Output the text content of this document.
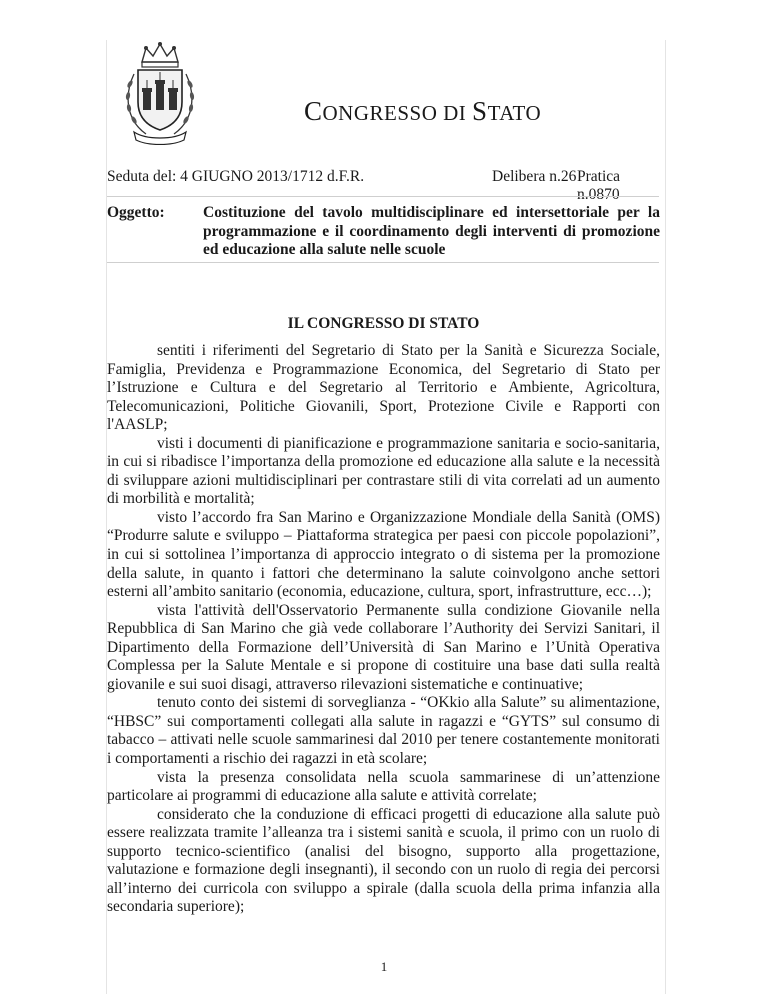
CONGRESSO DI STATO
Seduta del: 4 GIUGNO 2013/1712 d.F.R.	Delibera n.26 Pratica n.0870
Oggetto: Costituzione del tavolo multidisciplinare ed intersettoriale per la programmazione e il coordinamento degli interventi di promozione ed educazione alla salute nelle scuole
IL CONGRESSO DI STATO

sentiti i riferimenti del Segretario di Stato per la Sanità e Sicurezza Sociale, Famiglia, Previdenza e Programmazione Economica, del Segretario di Stato per l’Istruzione e Cultura e del Segretario al Territorio e Ambiente, Agricoltura, Telecomunicazioni, Politiche Giovanili, Sport, Protezione Civile e Rapporti con l'AASLP;

visti i documenti di pianificazione e programmazione sanitaria e socio-sanitaria, in cui si ribadisce l’importanza della promozione ed educazione alla salute e la necessità di sviluppare azioni multidisciplinari per contrastare stili di vita correlati ad un aumento di morbilità e mortalità;

visto l’accordo fra San Marino e Organizzazione Mondiale della Sanità (OMS) “Produrre salute e sviluppo – Piattaforma strategica per paesi con piccole popolazioni”, in cui si sottolinea l’importanza di approccio integrato o di sistema per la promozione della salute, in quanto i fattori che determinano la salute coinvolgono anche settori esterni all’ambito sanitario (economia, educazione, cultura, sport, infrastrutture, ecc…);

vista l'attività dell'Osservatorio Permanente sulla condizione Giovanile nella Repubblica di San Marino che già vede collaborare l’Authority dei Servizi Sanitari, il Dipartimento della Formazione dell’Università di San Marino e l’Unità Operativa Complessa per la Salute Mentale e si propone di costituire una base dati sulla realtà giovanile e sui suoi disagi, attraverso rilevazioni sistematiche e continuative;

tenuto conto dei sistemi di sorveglianza - “OKkio alla Salute” su alimentazione, “HBSC” sui comportamenti collegati alla salute in ragazzi e “GYTS” sul consumo di tabacco – attivati nelle scuole sammarinesi dal 2010 per tenere costantemente monitorati i comportamenti a rischio dei ragazzi in età scolare;

vista la presenza consolidata nella scuola sammarinese di un’attenzione particolare ai programmi di educazione alla salute e attività correlate;

considerato che la conduzione di efficaci progetti di educazione alla salute può essere realizzata tramite l’alleanza tra i sistemi sanità e scuola, il primo con un ruolo di supporto tecnico-scientifico (analisi del bisogno, supporto alla progettazione, valutazione e formazione degli insegnanti), il secondo con un ruolo di regia dei percorsi all’interno dei curricola con sviluppo a spirale (dalla scuola della prima infanzia alla secondaria superiore);

1
